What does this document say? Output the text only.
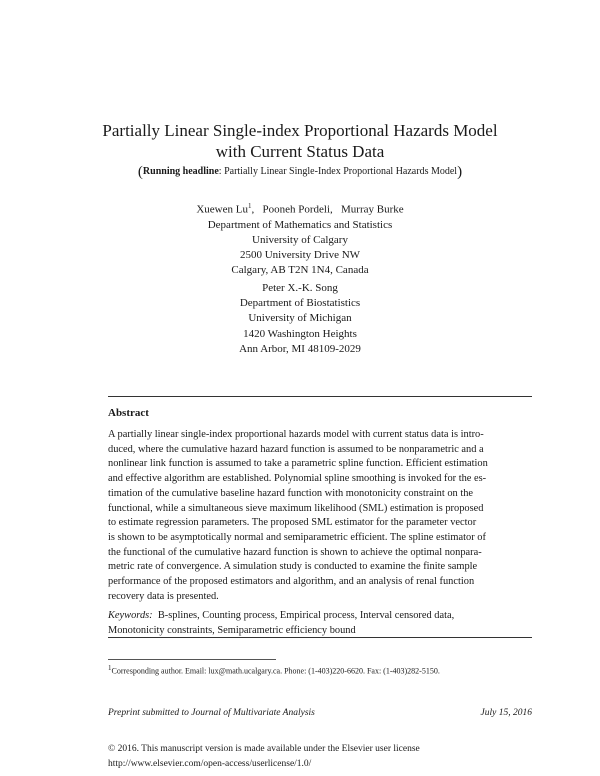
Partially Linear Single-index Proportional Hazards Model
with Current Status Data
(Running headline: Partially Linear Single-Index Proportional Hazards Model)
Xuewen Lu$^1$,   Pooneh Pordeli,   Murray Burke
Department of Mathematics and Statistics
University of Calgary
2500 University Drive NW
Calgary, AB T2N 1N4, Canada
Peter X.-K. Song
Department of Biostatistics
University of Michigan
1420 Washington Heights
Ann Arbor, MI 48109-2029
Abstract
A partially linear single-index proportional hazards model with current status data is intro-
duced, where the cumulative hazard hazard function is assumed to be nonparametric and a
nonlinear link function is assumed to take a parametric spline function. Efficient estimation
and effective algorithm are established. Polynomial spline smoothing is invoked for the es-
timation of the cumulative baseline hazard function with monotonicity constraint on the
functional, while a simultaneous sieve maximum likelihood (SML) estimation is proposed
to estimate regression parameters. The proposed SML estimator for the parameter vector
is shown to be asymptotically normal and semiparametric efficient. The spline estimator of
the functional of the cumulative hazard function is shown to achieve the optimal nonpara-
metric rate of convergence. A simulation study is conducted to examine the finite sample
performance of the proposed estimators and algorithm, and an analysis of renal function
recovery data is presented.
Keywords: B-splines, Counting process, Empirical process, Interval censored data,
Monotonicity constraints, Semiparametric efficiency bound
$^1$Corresponding author. Email: lux@math.ucalgary.ca. Phone: (1-403)220-6620. Fax: (1-403)282-5150.
Preprint submitted to Journal of Multivariate Analysis	July 15, 2016
© 2016. This manuscript version is made available under the Elsevier user license
http://www.elsevier.com/open-access/userlicense/1.0/
